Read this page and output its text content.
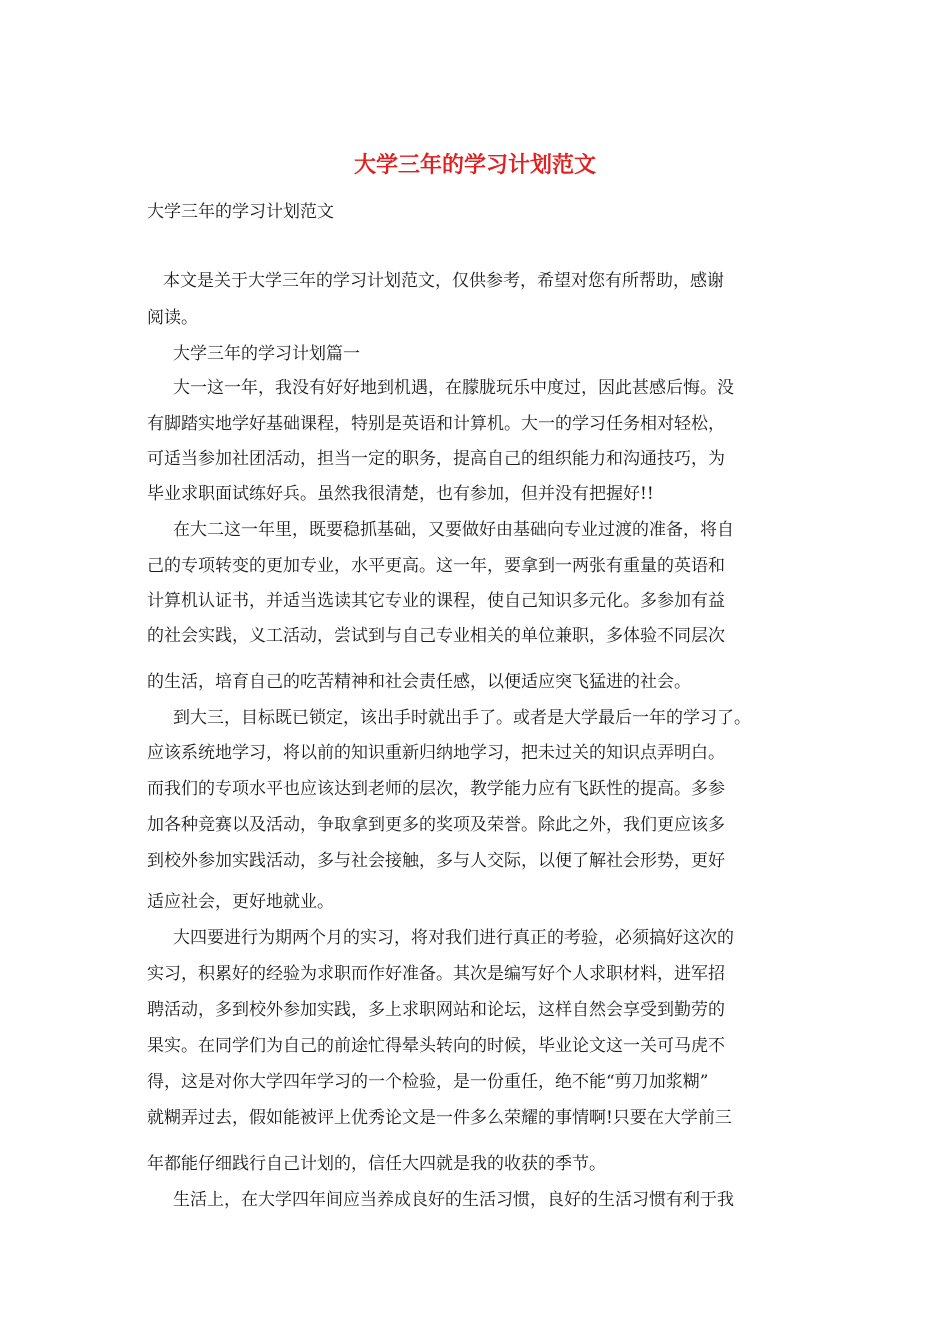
大学三年的学习计划范文
大学三年的学习计划范文
本文是关于大学三年的学习计划范文，仅供参考，希望对您有所帮助，感谢
阅读。
大学三年的学习计划篇一
大一这一年，我没有好好地到机遇，在朦胧玩乐中度过，因此甚感后悔。没
有脚踏实地学好基础课程，特别是英语和计算机。大一的学习任务相对轻松，
可适当参加社团活动，担当一定的职务，提高自己的组织能力和沟通技巧，为
毕业求职面试练好兵。虽然我很清楚，也有参加，但并没有把握好!!
在大二这一年里，既要稳抓基础，又要做好由基础向专业过渡的准备，将自
己的专项转变的更加专业，水平更高。这一年，要拿到一两张有重量的英语和
计算机认证书，并适当选读其它专业的课程，使自己知识多元化。多参加有益
的社会实践，义工活动，尝试到与自己专业相关的单位兼职，多体验不同层次
的生活，培育自己的吃苦精神和社会责任感，以便适应突飞猛进的社会。
到大三，目标既已锁定，该出手时就出手了。或者是大学最后一年的学习了。
应该系统地学习，将以前的知识重新归纳地学习，把未过关的知识点弄明白。
而我们的专项水平也应该达到老师的层次，教学能力应有飞跃性的提高。多参
加各种竞赛以及活动，争取拿到更多的奖项及荣誉。除此之外，我们更应该多
到校外参加实践活动，多与社会接触，多与人交际，以便了解社会形势，更好
适应社会，更好地就业。
大四要进行为期两个月的实习，将对我们进行真正的考验，必须搞好这次的
实习，积累好的经验为求职而作好准备。其次是编写好个人求职材料，进军招
聘活动，多到校外参加实践，多上求职网站和论坛，这样自然会享受到勤劳的
果实。在同学们为自己的前途忙得晕头转向的时候，毕业论文这一关可马虎不
得，这是对你大学四年学习的一个检验，是一份重任，绝不能“剪刀加浆糊”
就糊弄过去，假如能被评上优秀论文是一件多么荣耀的事情啊!只要在大学前三
年都能仔细践行自己计划的，信任大四就是我的收获的季节。
生活上，在大学四年间应当养成良好的生活习惯，良好的生活习惯有利于我
